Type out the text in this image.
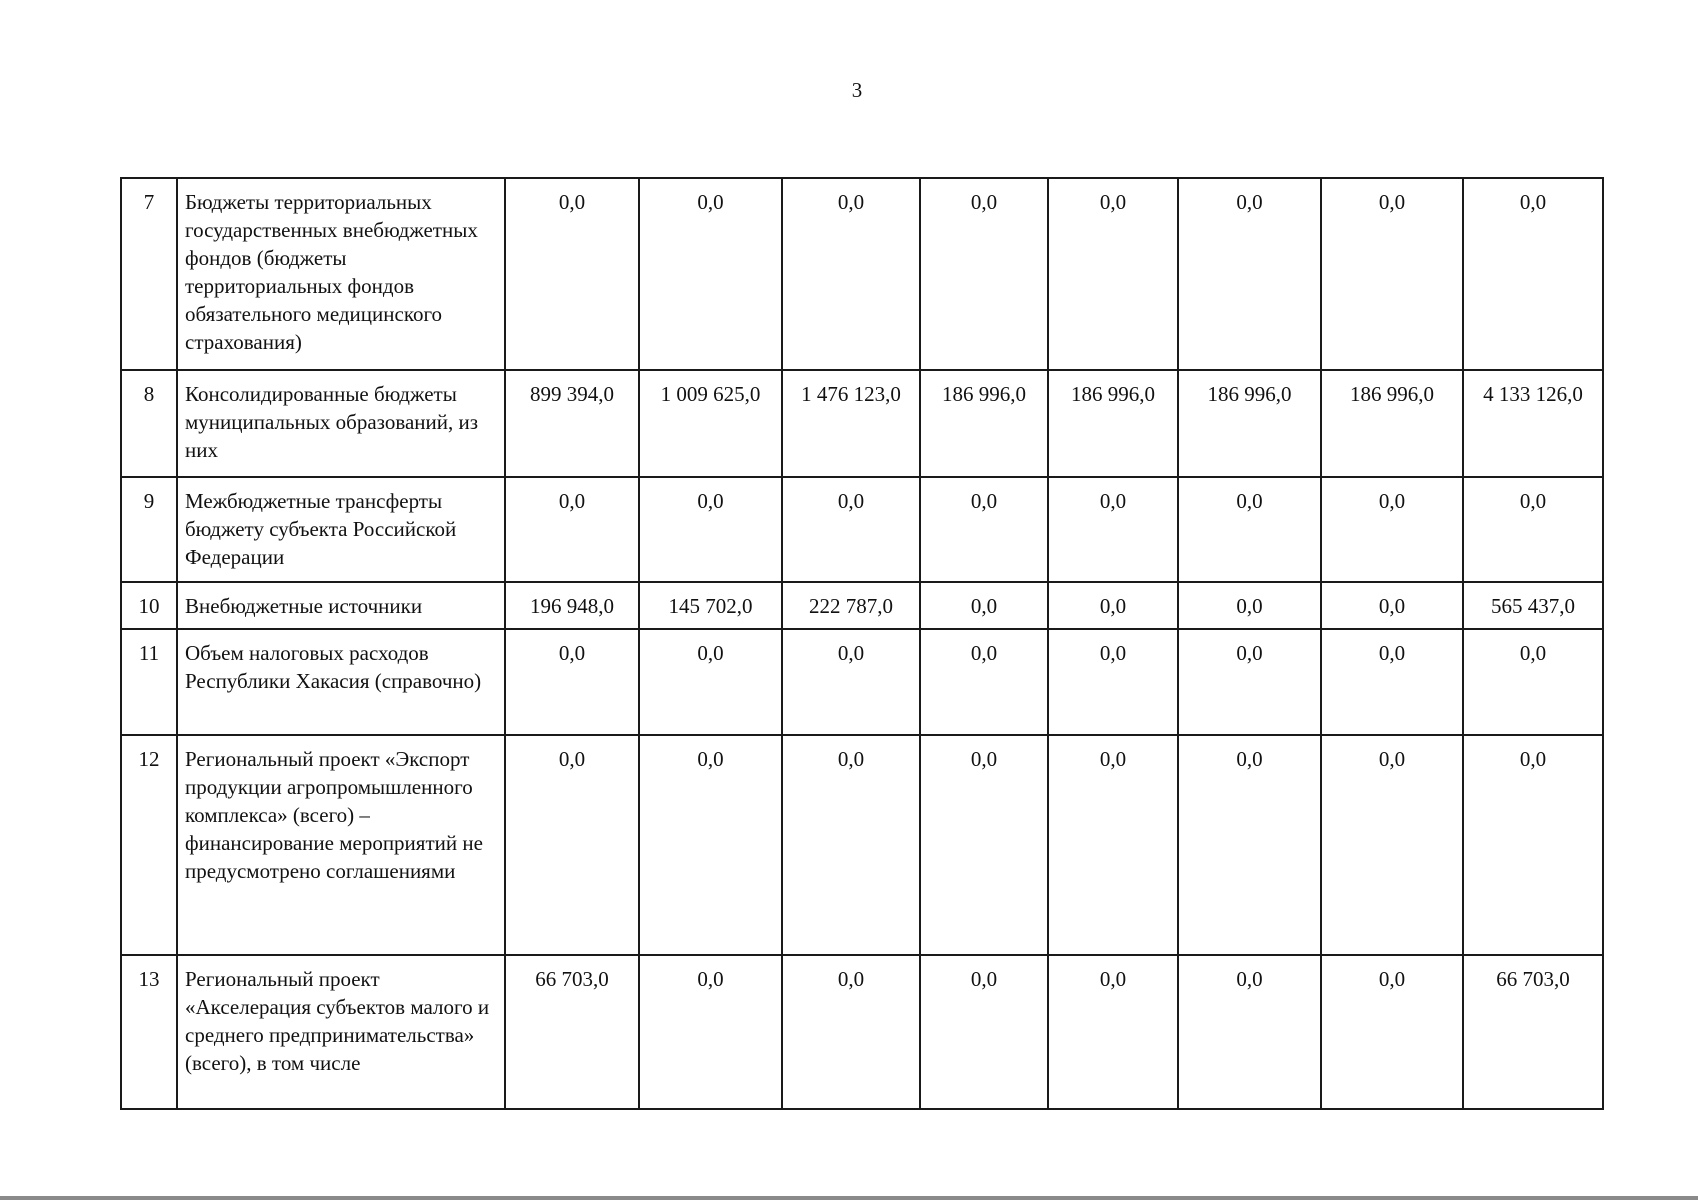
3
7	Бюджеты территориальных государственных внебюджетных фондов (бюджеты территориальных фондов обязательного медицинского страхования)	0,0	0,0	0,0	0,0	0,0	0,0	0,0	0,0
8	Консолидированные бюджеты муниципальных образований, из них	899 394,0	1 009 625,0	1 476 123,0	186 996,0	186 996,0	186 996,0	186 996,0	4 133 126,0
9	Межбюджетные трансферты бюджету субъекта Российской Федерации	0,0	0,0	0,0	0,0	0,0	0,0	0,0	0,0
10	Внебюджетные источники	196 948,0	145 702,0	222 787,0	0,0	0,0	0,0	0,0	565 437,0
11	Объем налоговых расходов Республики Хакасия (справочно)	0,0	0,0	0,0	0,0	0,0	0,0	0,0	0,0
12	Региональный проект «Экспорт продукции агропромышленного комплекса» (всего) – финансирование мероприятий не предусмотрено соглашениями	0,0	0,0	0,0	0,0	0,0	0,0	0,0	0,0
13	Региональный проект «Акселерация субъектов малого и среднего предпринимательства» (всего), в том числе	66 703,0	0,0	0,0	0,0	0,0	0,0	0,0	66 703,0
